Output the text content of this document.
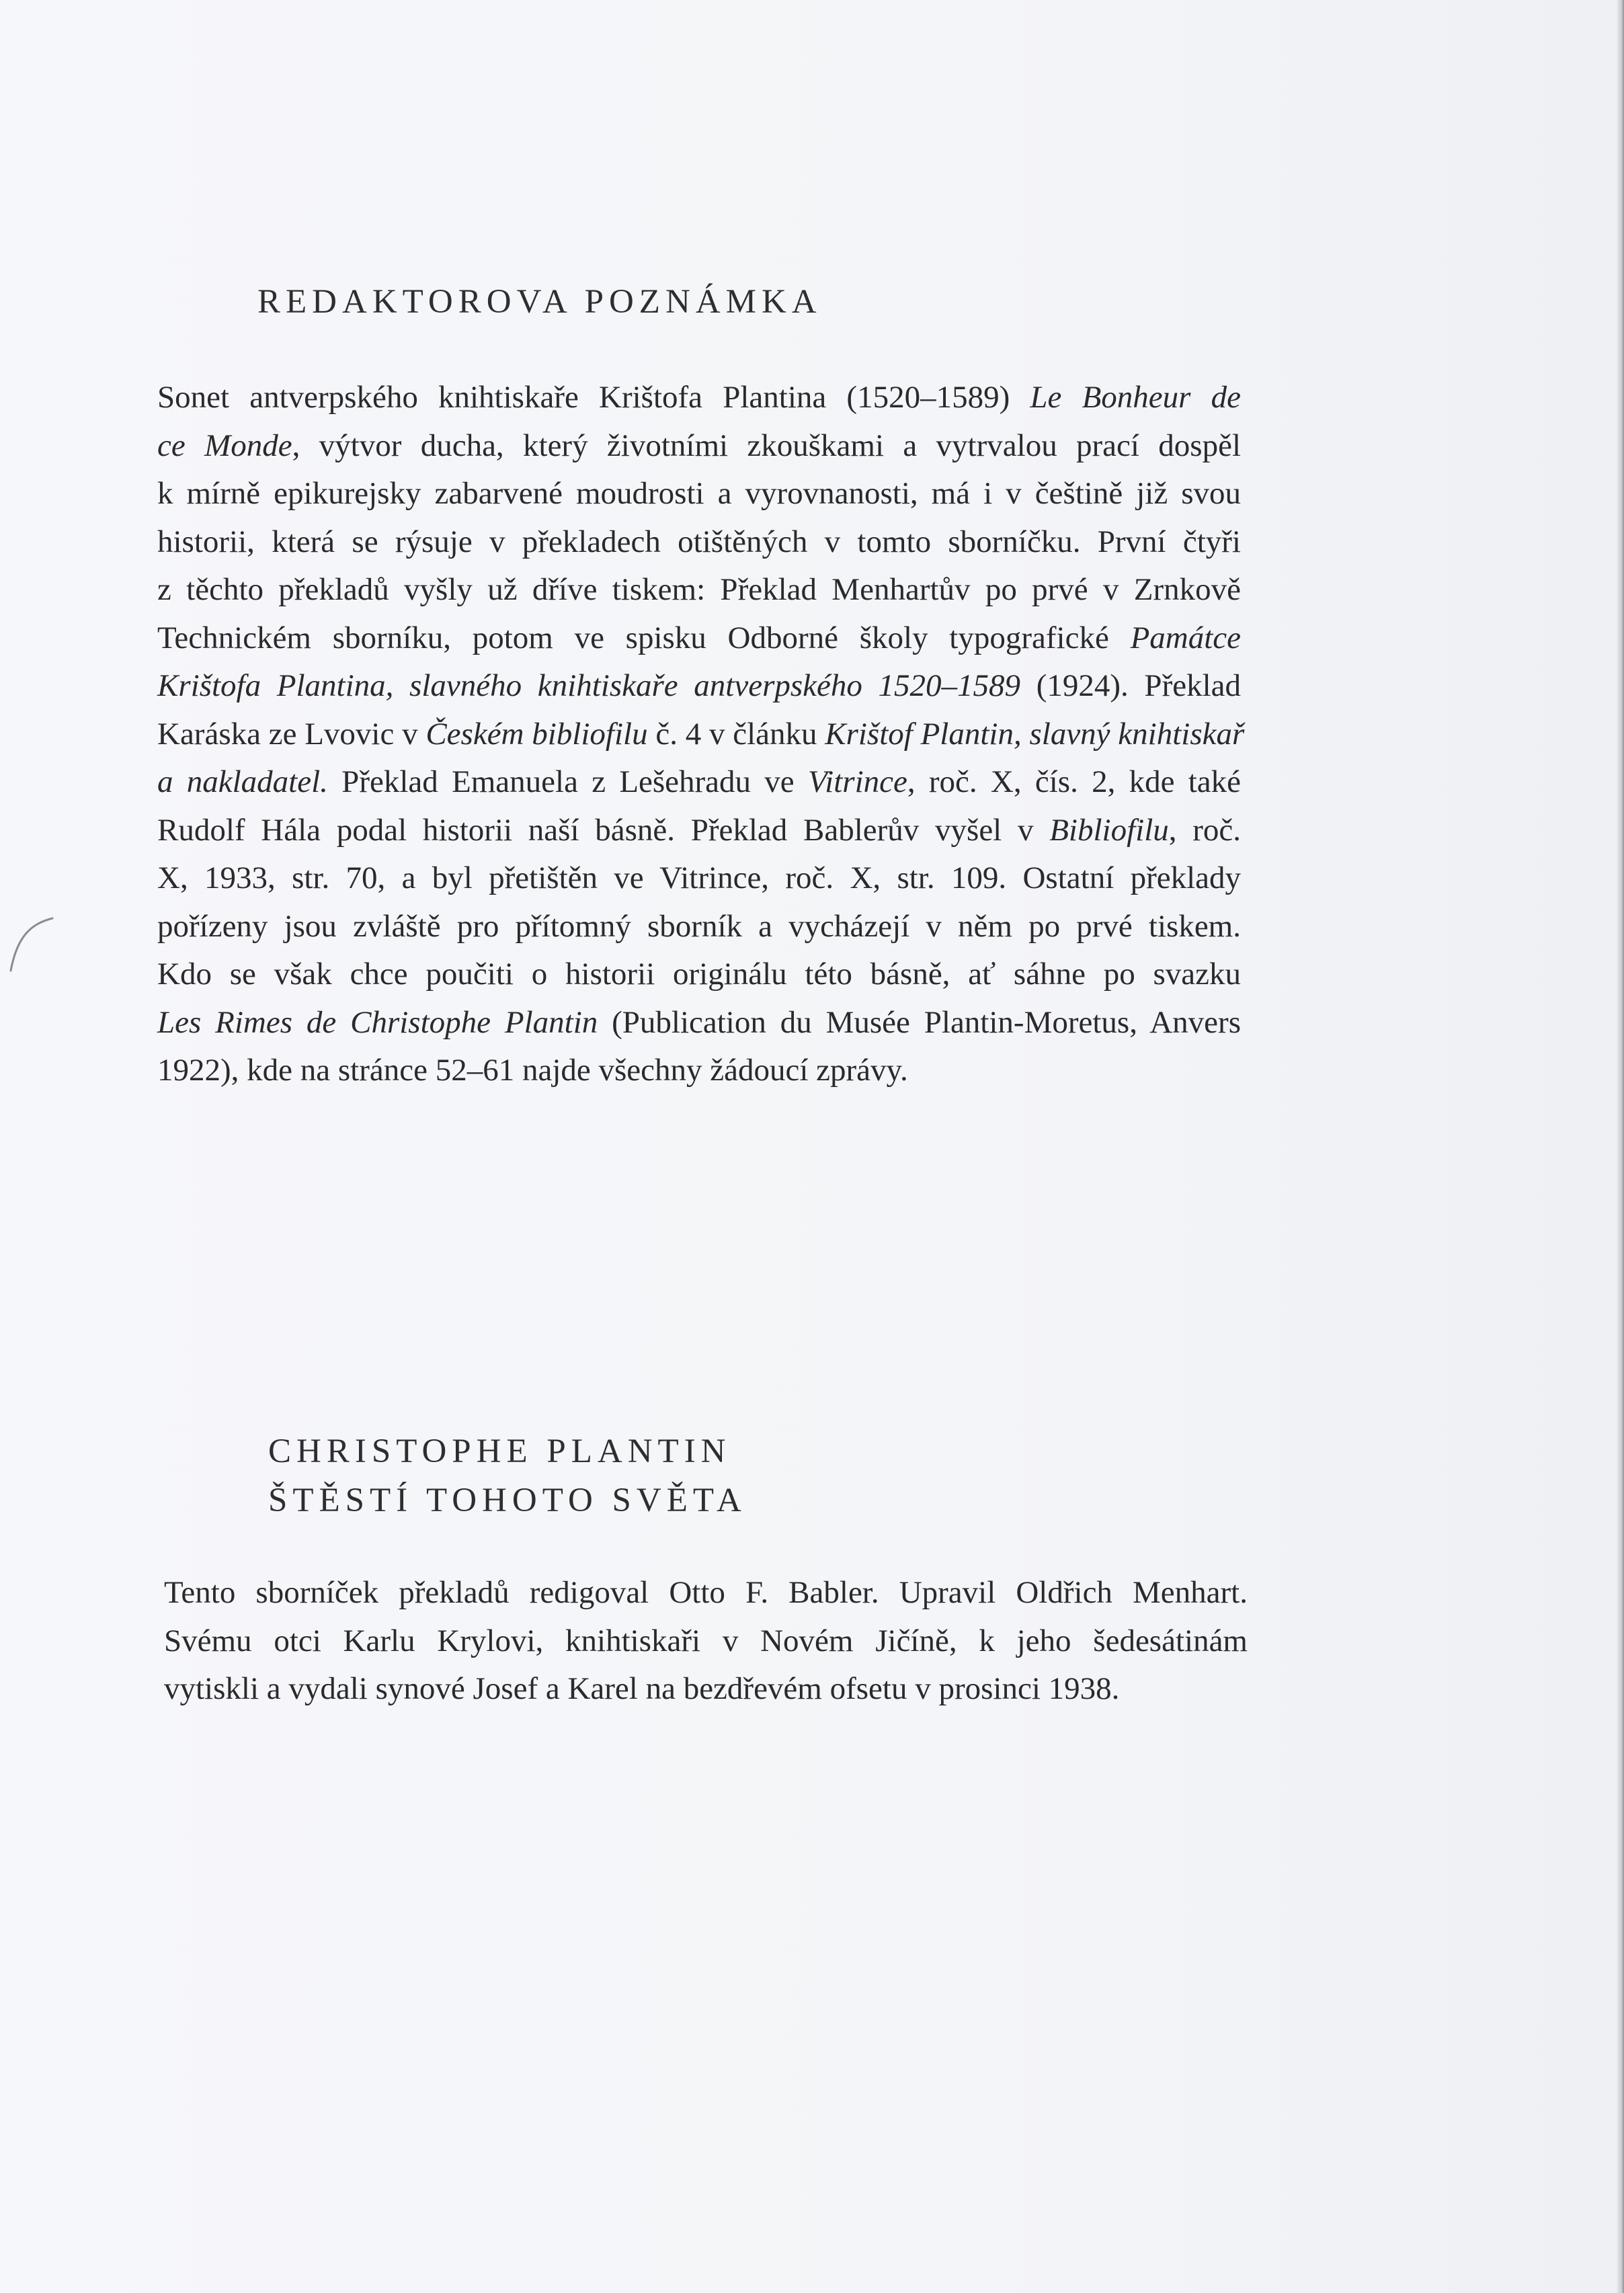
REDAKTOROVA POZNÁMKA
Sonet antverpského knihtiskaře Krištofa Plantina (1520–1589) Le Bonheur de
ce Monde, výtvor ducha, který životními zkouškami a vytrvalou prací dospěl
k mírně epikurejsky zabarvené moudrosti a vyrovnanosti, má i v češtině již svou
historii, která se rýsuje v překladech otištěných v tomto sborníčku. První čtyři
z těchto překladů vyšly už dříve tiskem: Překlad Menhartův po prvé v Zrnkově
Technickém sborníku, potom ve spisku Odborné školy typografické Památce
Krištofa Plantina, slavného knihtiskaře antverpského 1520–1589 (1924). Překlad
Karáska ze Lvovic v Českém bibliofilu č. 4 v článku Krištof Plantin, slavný knihtiskař
a nakladatel. Překlad Emanuela z Lešehradu ve Vitrince, roč. X, čís. 2, kde také
Rudolf Hála podal historii naší básně. Překlad Bablerův vyšel v Bibliofilu, roč.
X, 1933, str. 70, a byl přetištěn ve Vitrince, roč. X, str. 109. Ostatní překlady
pořízeny jsou zvláště pro přítomný sborník a vycházejí v něm po prvé tiskem.
Kdo se však chce poučiti o historii originálu této básně, ať sáhne po svazku
Les Rimes de Christophe Plantin (Publication du Musée Plantin-Moretus, Anvers
1922), kde na stránce 52–61 najde všechny žádoucí zprávy.
CHRISTOPHE PLANTIN
ŠTĚSTÍ TOHOTO SVĚTA
Tento sborníček překladů redigoval Otto F. Babler. Upravil Oldřich Menhart.
Svému otci Karlu Krylovi, knihtiskaři v Novém Jičíně, k jeho šedesátinám
vytiskli a vydali synové Josef a Karel na bezdřevém ofsetu v prosinci 1938.
